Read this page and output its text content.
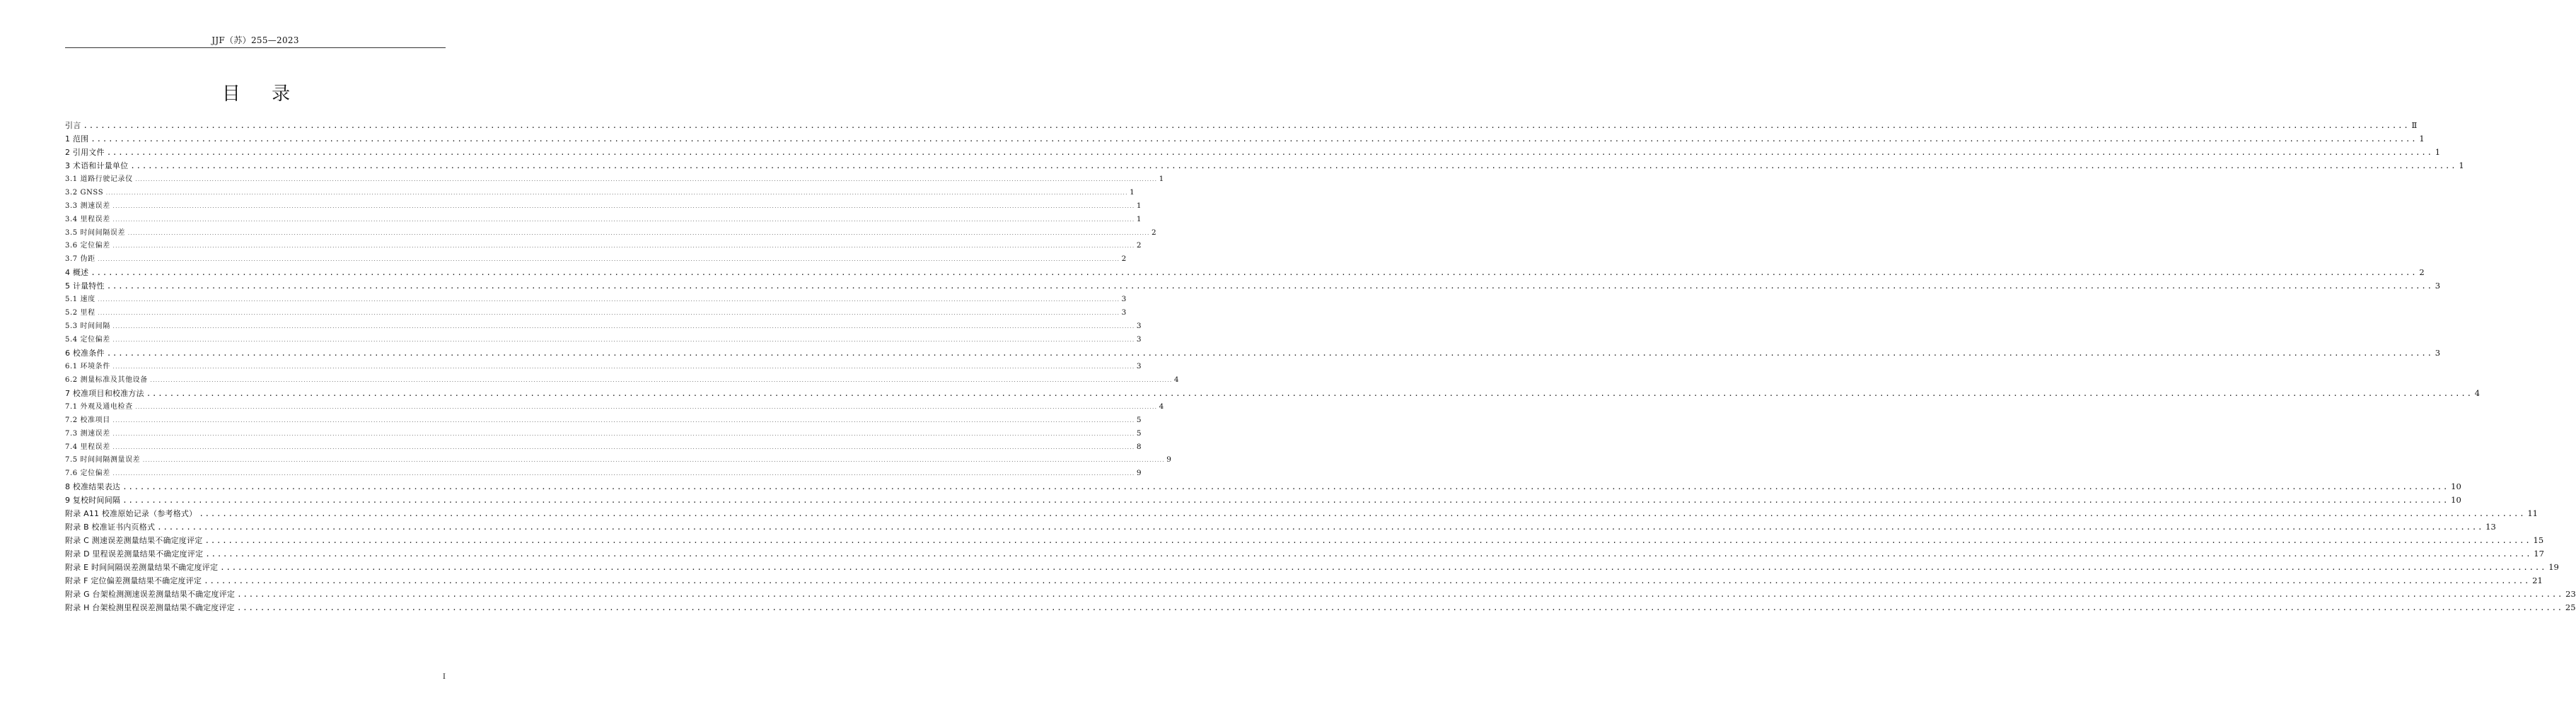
JJF（苏）255—2023
目 录
引言 ................................................................................................................................................................................................................................................................................................................................................................................................................ Ⅱ
1 范围 ................................................................................................................................................................................................................................................................................................................................................................................................................ 1
2 引用文件 ................................................................................................................................................................................................................................................................................................................................................................................................................ 1
3 术语和计量单位 ................................................................................................................................................................................................................................................................................................................................................................................................................ 1
3.1 道路行驶记录仪 ................................................................................................................................................................................................................................................................................................................................................................................................................ 1
3.2 GNSS ................................................................................................................................................................................................................................................................................................................................................................................................................ 1
3.3 测速误差 ................................................................................................................................................................................................................................................................................................................................................................................................................ 1
3.4 里程误差 ................................................................................................................................................................................................................................................................................................................................................................................................................ 1
3.5 时间间隔误差 ................................................................................................................................................................................................................................................................................................................................................................................................................ 2
3.6 定位偏差 ................................................................................................................................................................................................................................................................................................................................................................................................................ 2
3.7 伪距 ................................................................................................................................................................................................................................................................................................................................................................................................................ 2
4 概述 ................................................................................................................................................................................................................................................................................................................................................................................................................ 2
5 计量特性 ................................................................................................................................................................................................................................................................................................................................................................................................................ 3
5.1 速度 ................................................................................................................................................................................................................................................................................................................................................................................................................ 3
5.2 里程 ................................................................................................................................................................................................................................................................................................................................................................................................................ 3
5.3 时间间隔 ................................................................................................................................................................................................................................................................................................................................................................................................................ 3
5.4 定位偏差 ................................................................................................................................................................................................................................................................................................................................................................................................................ 3
6 校准条件 ................................................................................................................................................................................................................................................................................................................................................................................................................ 3
6.1 环境条件 ................................................................................................................................................................................................................................................................................................................................................................................................................ 3
6.2 测量标准及其他设备 ................................................................................................................................................................................................................................................................................................................................................................................................................ 4
7 校准项目和校准方法 ................................................................................................................................................................................................................................................................................................................................................................................................................ 4
7.1 外观及通电检查 ................................................................................................................................................................................................................................................................................................................................................................................................................ 4
7.2 校准项目 ................................................................................................................................................................................................................................................................................................................................................................................................................ 5
7.3 测速误差 ................................................................................................................................................................................................................................................................................................................................................................................................................ 5
7.4 里程误差 ................................................................................................................................................................................................................................................................................................................................................................................................................ 8
7.5 时间间隔测量误差 ................................................................................................................................................................................................................................................................................................................................................................................................................ 9
7.6 定位偏差 ................................................................................................................................................................................................................................................................................................................................................................................................................ 9
8 校准结果表达 ................................................................................................................................................................................................................................................................................................................................................................................................................ 10
9 复校时间间隔 ................................................................................................................................................................................................................................................................................................................................................................................................................ 10
附录 A11 校准原始记录（参考格式） ................................................................................................................................................................................................................................................................................................................................................................................................................ 11
附录 B 校准证书内页格式 ................................................................................................................................................................................................................................................................................................................................................................................................................ 13
附录 C 测速误差测量结果不确定度评定 ................................................................................................................................................................................................................................................................................................................................................................................................................ 15
附录 D 里程误差测量结果不确定度评定 ................................................................................................................................................................................................................................................................................................................................................................................................................ 17
附录 E 时间间隔误差测量结果不确定度评定 ................................................................................................................................................................................................................................................................................................................................................................................................................ 19
附录 F 定位偏差测量结果不确定度评定 ................................................................................................................................................................................................................................................................................................................................................................................................................ 21
附录 G 台架检测测速误差测量结果不确定度评定 ................................................................................................................................................................................................................................................................................................................................................................................................................ 23
附录 H 台架检测里程误差测量结果不确定度评定 ................................................................................................................................................................................................................................................................................................................................................................................................................ 25
I
